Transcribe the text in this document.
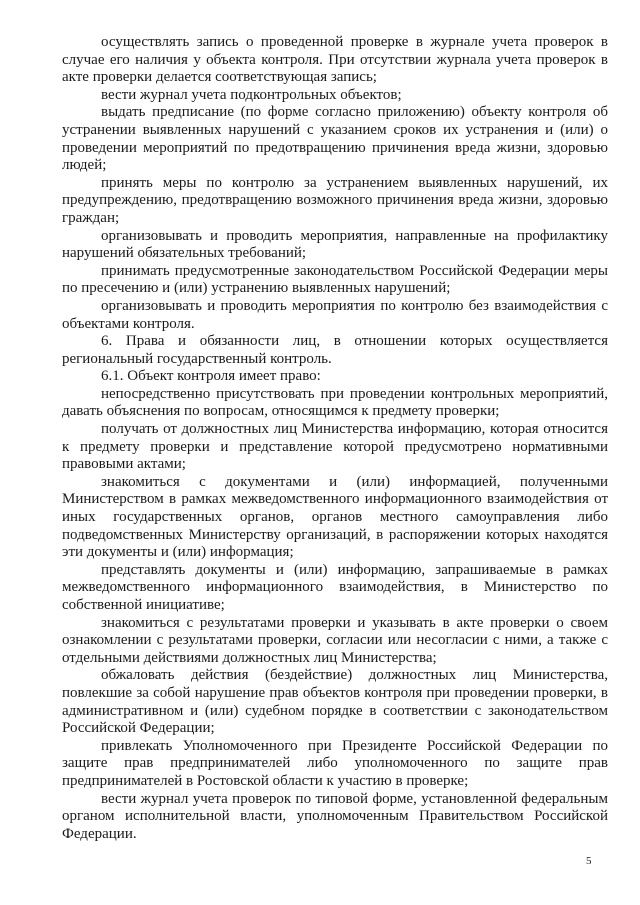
осуществлять запись о проведенной проверке в журнале учета проверок в случае его наличия у объекта контроля. При отсутствии журнала учета проверок в акте проверки делается соответствующая запись;

вести журнал учета подконтрольных объектов;

выдать предписание (по форме согласно приложению) объекту контроля об устранении выявленных нарушений с указанием сроков их устранения и (или) о проведении мероприятий по предотвращению причинения вреда жизни, здоровью людей;

принять меры по контролю за устранением выявленных нарушений, их предупреждению, предотвращению возможного причинения вреда жизни, здоровью граждан;

организовывать и проводить мероприятия, направленные на профилактику нарушений обязательных требований;

принимать предусмотренные законодательством Российской Федерации меры по пресечению и (или) устранению выявленных нарушений;

организовывать и проводить мероприятия по контролю без взаимодействия с объектами контроля.

6. Права и обязанности лиц, в отношении которых осуществляется региональный государственный контроль.

6.1. Объект контроля имеет право:

непосредственно присутствовать при проведении контрольных мероприятий, давать объяснения по вопросам, относящимся к предмету проверки;

получать от должностных лиц Министерства информацию, которая относится к предмету проверки и представление которой предусмотрено нормативными правовыми актами;

знакомиться с документами и (или) информацией, полученными Министерством в рамках межведомственного информационного взаимодействия от иных государственных органов, органов местного самоуправления либо подведомственных Министерству организаций, в распоряжении которых находятся эти документы и (или) информация;

представлять документы и (или) информацию, запрашиваемые в рамках межведомственного информационного взаимодействия, в Министерство по собственной инициативе;

знакомиться с результатами проверки и указывать в акте проверки о своем ознакомлении с результатами проверки, согласии или несогласии с ними, а также с отдельными действиями должностных лиц Министерства;

обжаловать действия (бездействие) должностных лиц Министерства, повлекшие за собой нарушение прав объектов контроля при проведении проверки, в административном и (или) судебном порядке в соответствии с законодательством Российской Федерации;

привлекать Уполномоченного при Президенте Российской Федерации по защите прав предпринимателей либо уполномоченного по защите прав предпринимателей в Ростовской области к участию в проверке;

вести журнал учета проверок по типовой форме, установленной федеральным органом исполнительной власти, уполномоченным Правительством Российской Федерации.

5
